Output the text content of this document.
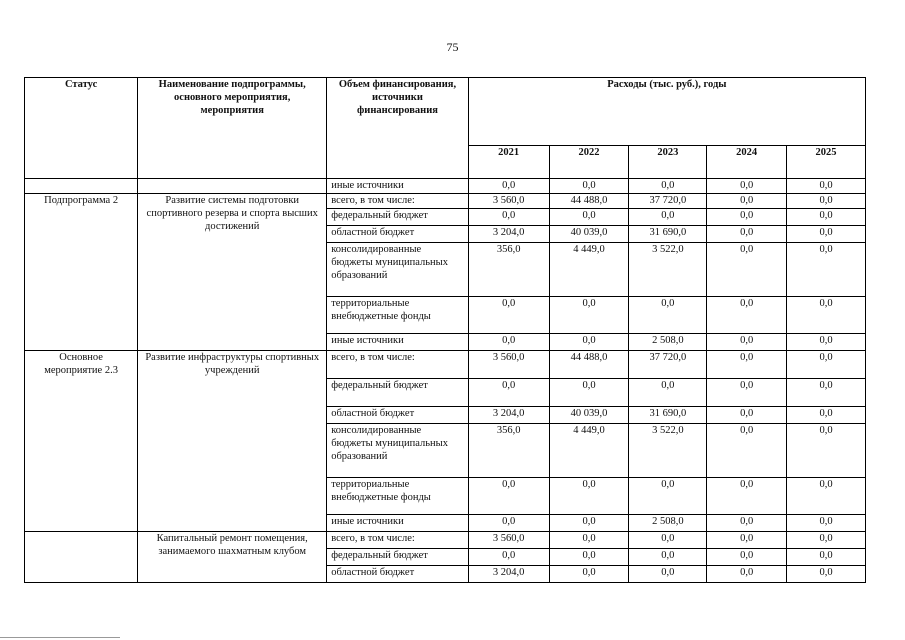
75
Статус	Наименование подпрограммы, основного мероприятия, мероприятия	Объем финансирования, источники финансирования	Расходы (тыс. руб.), годы				
			2021	2022	2023	2024	2025
		иные источники	0,0	0,0	0,0	0,0	0,0
Подпрограмма 2	Развитие системы подготовки спортивного резерва и спорта высших достижений	всего, в том числе:	3 560,0	44 488,0	37 720,0	0,0	0,0
		федеральный бюджет	0,0	0,0	0,0	0,0	0,0
		областной бюджет	3 204,0	40 039,0	31 690,0	0,0	0,0
		консолидированные бюджеты муниципальных образований	356,0	4 449,0	3 522,0	0,0	0,0
		территориальные внебюджетные фонды	0,0	0,0	0,0	0,0	0,0
		иные источники	0,0	0,0	2 508,0	0,0	0,0
Основное мероприятие 2.3	Развитие инфраструктуры спортивных учреждений	всего, в том числе:	3 560,0	44 488,0	37 720,0	0,0	0,0
		федеральный бюджет	0,0	0,0	0,0	0,0	0,0
		областной бюджет	3 204,0	40 039,0	31 690,0	0,0	0,0
		консолидированные бюджеты муниципальных образований	356,0	4 449,0	3 522,0	0,0	0,0
		территориальные внебюджетные фонды	0,0	0,0	0,0	0,0	0,0
		иные источники	0,0	0,0	2 508,0	0,0	0,0
	Капитальный ремонт помещения, занимаемого шахматным клубом	всего, в том числе:	3 560,0	0,0	0,0	0,0	0,0
		федеральный бюджет	0,0	0,0	0,0	0,0	0,0
		областной бюджет	3 204,0	0,0	0,0	0,0	0,0
